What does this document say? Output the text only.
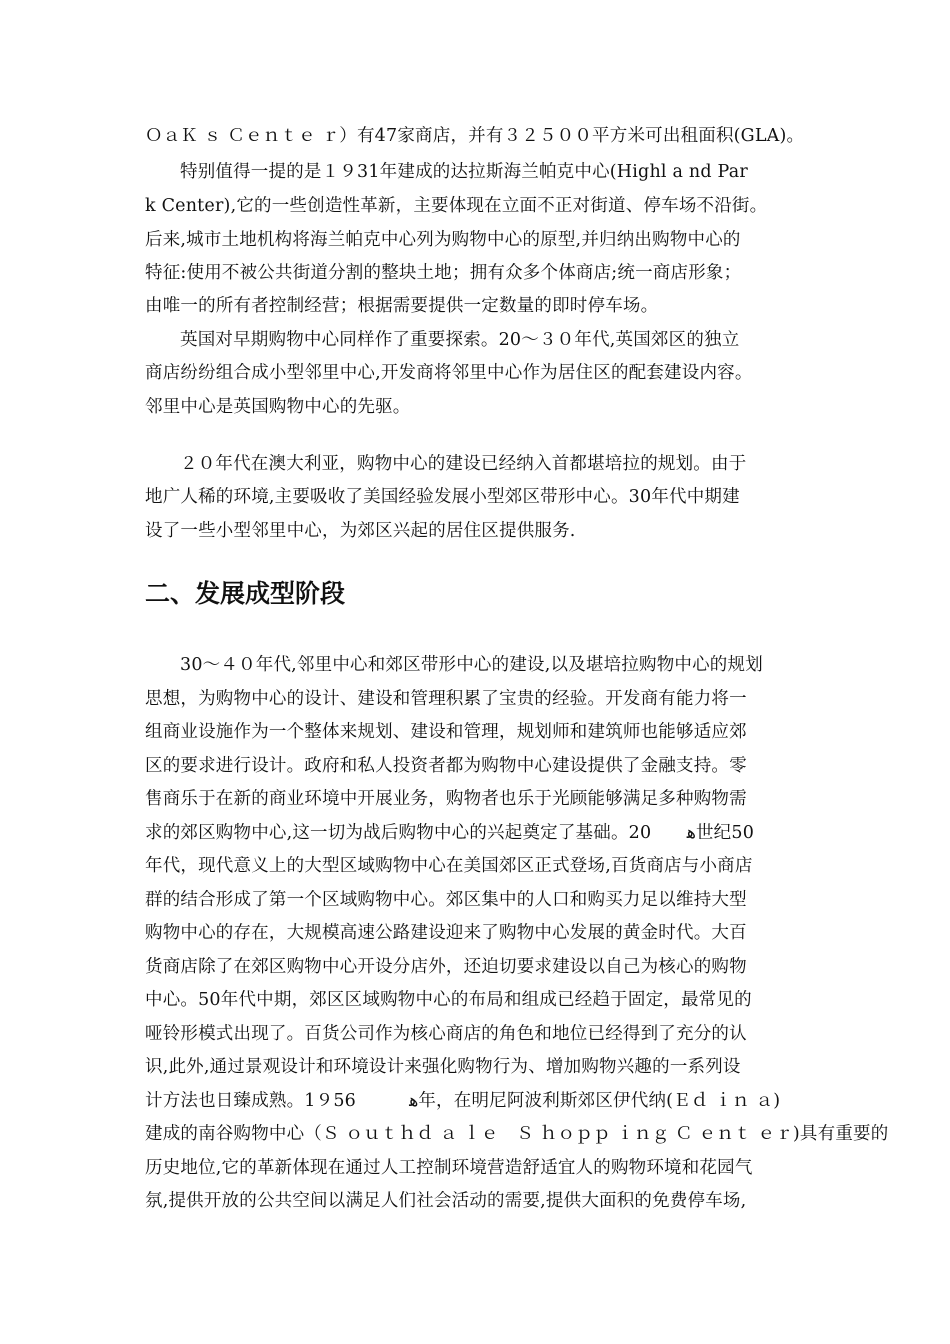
ＯａＫ ｓ Ｃｅｎｔｅ ｒ）有47家商店，并有３２５００平方米可出租面积(GLA)。
特别值得一提的是１９31年建成的达拉斯海兰帕克中心(Highl a nd Par
k Center),它的一些创造性革新，主要体现在立面不正对街道、停车场不沿街。
后来,城市土地机构将海兰帕克中心列为购物中心的原型,并归纳出购物中心的
特征:使用不被公共街道分割的整块土地；拥有众多个体商店;统一商店形象；
由唯一的所有者控制经营；根据需要提供一定数量的即时停车场。
英国对早期购物中心同样作了重要探索。20～３０年代,英国郊区的独立
商店纷纷组合成小型邻里中心,开发商将邻里中心作为居住区的配套建设内容。
邻里中心是英国购物中心的先驱。
２０年代在澳大利亚，购物中心的建设已经纳入首都堪培拉的规划。由于
地广人稀的环境,主要吸收了美国经验发展小型郊区带形中心。30年代中期建
设了一些小型邻里中心，为郊区兴起的居住区提供服务.
二、发展成型阶段
30～４０年代,邻里中心和郊区带形中心的建设,以及堪培拉购物中心的规划
思想，为购物中心的设计、建设和管理积累了宝贵的经验。开发商有能力将一
组商业设施作为一个整体来规划、建设和管理，规划师和建筑师也能够适应郊
区的要求进行设计。政府和私人投资者都为购物中心建设提供了金融支持。零
售商乐于在新的商业环境中开展业务，购物者也乐于光顾能够满足多种购物需
求的郊区购物中心,这一切为战后购物中心的兴起奠定了基础。20　　ﻫ世纪50
年代，现代意义上的大型区域购物中心在美国郊区正式登场,百货商店与小商店
群的结合形成了第一个区域购物中心。郊区集中的人口和购买力足以维持大型
购物中心的存在，大规模高速公路建设迎来了购物中心发展的黄金时代。大百
货商店除了在郊区购物中心开设分店外，还迫切要求建设以自己为核心的购物
中心。50年代中期，郊区区域购物中心的布局和组成已经趋于固定，最常见的
哑铃形模式出现了。百货公司作为核心商店的角色和地位已经得到了充分的认
识,此外,通过景观设计和环境设计来强化购物行为、增加购物兴趣的一系列设
计方法也日臻成熟。1９56　　　ﻫ年，在明尼阿波利斯郊区伊代纳(Ｅｄ ｉｎ ａ)
建成的南谷购物中心（Ｓ ｏｕｔｈｄ ａ ｌｅ　Ｓ ｈｏｐｐ ｉｎｇ Ｃ ｅｎｔ ｅｒ)具有重要的
历史地位,它的革新体现在通过人工控制环境营造舒适宜人的购物环境和花园气
氛,提供开放的公共空间以满足人们社会活动的需要,提供大面积的免费停车场,
